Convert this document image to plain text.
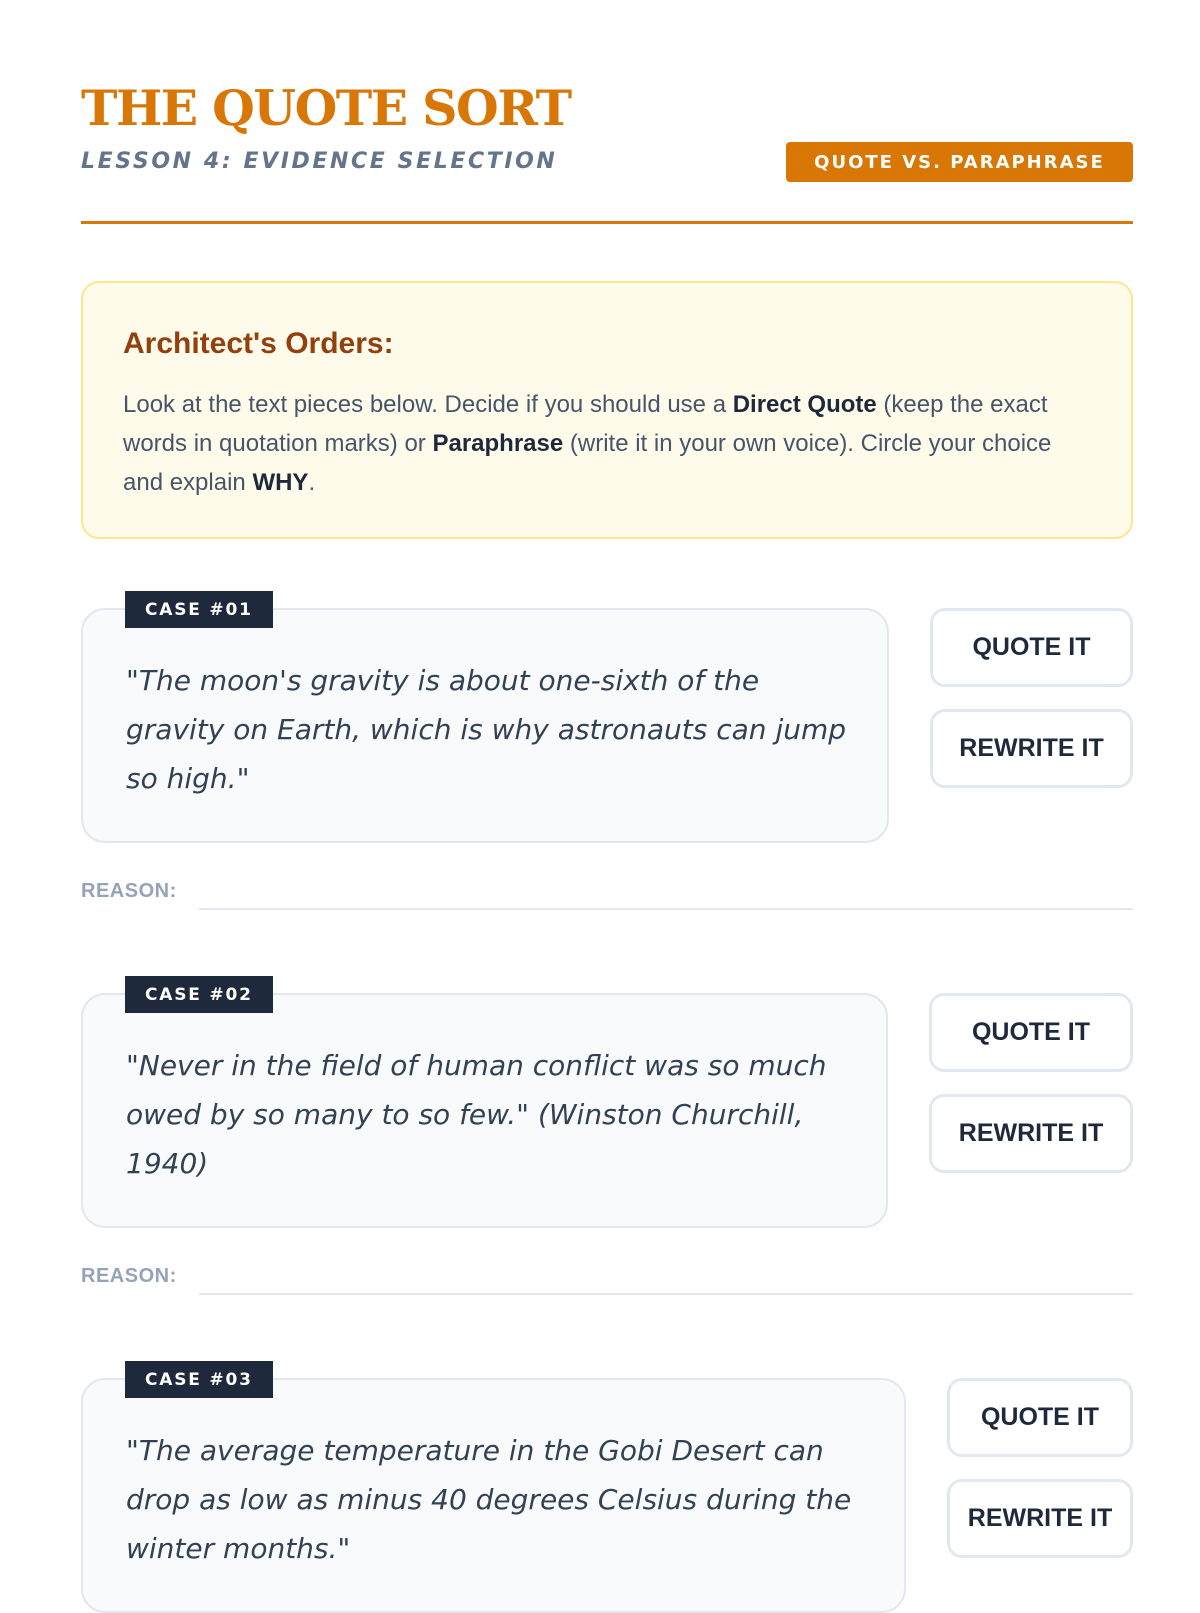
THE QUOTE SORT
LESSON 4: EVIDENCE SELECTION	QUOTE VS. PARAPHRASE
Architect's Orders:

Look at the text pieces below. Decide if you should use a Direct Quote (keep the exact words in quotation marks) or Paraphrase (write it in your own voice). Circle your choice and explain WHY.

"The moon's gravity is about one-sixth of the gravity on Earth, which is why astronauts can jump so high."

CASE #01
QUOTE IT
REWRITE IT
REASON:

"Never in the field of human conflict was so much owed by so many to so few." (Winston Churchill, 1940)

CASE #02
QUOTE IT
REWRITE IT
REASON:

"The average temperature in the Gobi Desert can drop as low as minus 40 degrees Celsius during the winter months."

CASE #03
QUOTE IT
REWRITE IT
